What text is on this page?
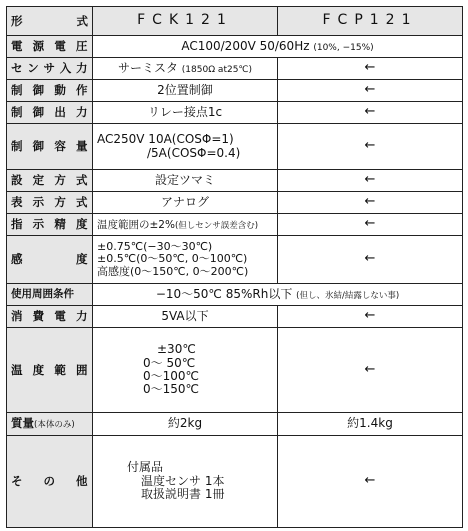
形式	FCK121	FCP121
電源電圧	AC100/200V 50/60Hz (10%, −15%)	
センサ入力	サーミスタ (1850Ω at25℃)	←
制御動作	2位置制御	←
制御出力	リレー接点1c	←
制御容量	AC250V 10A(COSΦ=1)
/5A(COSΦ=0.4)	←
設定方式	設定ツマミ	←
表示方式	アナログ	←
指示精度	温度範囲の±2%(但しセンサ誤差含む)	←
感度	±0.75℃(−30〜30℃)
±0.5℃(0〜50℃, 0〜100℃)
高感度(0〜150℃, 0〜200℃)	←
使用周囲条件	−10〜50℃ 85%Rh以下 (但し、氷結/結露しない事)	
消費電力	5VA以下	←
温度範囲	±30℃
0〜 50℃
0〜100℃
0〜150℃	←
質量(本体のみ)	約2kg	約1.4kg
その他	付属品
温度センサ 1本
取扱説明書 1冊	←
